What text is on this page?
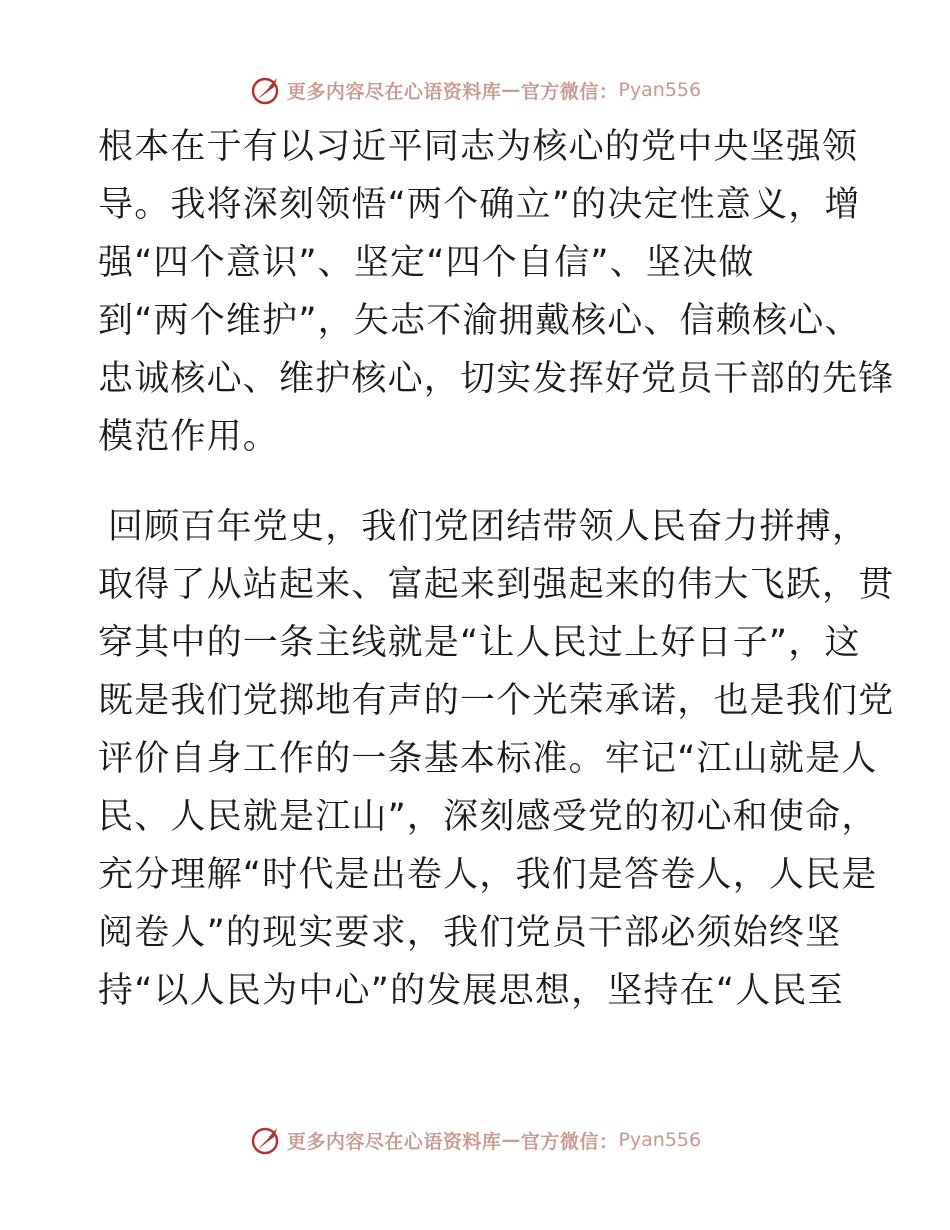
更多内容尽在心语资料库 — 官方微信： Pyan556
根本在于有以习近平同志为核心的党中央坚强领
导。我将深刻领悟“两个确立”的决定性意义，增
强“四个意识”、坚定“四个自信”、坚决做
到“两个维护”，矢志不渝拥戴核心、信赖核心、
忠诚核心、维护核心，切实发挥好党员干部的先锋
模范作用。
回顾百年党史，我们党团结带领人民奋力拼搏，
取得了从站起来、富起来到强起来的伟大飞跃，贯
穿其中的一条主线就是“让人民过上好日子”，这
既是我们党掷地有声的一个光荣承诺，也是我们党
评价自身工作的一条基本标准。牢记“江山就是人
民、人民就是江山”，深刻感受党的初心和使命，
充分理解“时代是出卷人，我们是答卷人，人民是
阅卷人”的现实要求，我们党员干部必须始终坚
持“以人民为中心”的发展思想，坚持在“人民至
更多内容尽在心语资料库 — 官方微信： Pyan556
